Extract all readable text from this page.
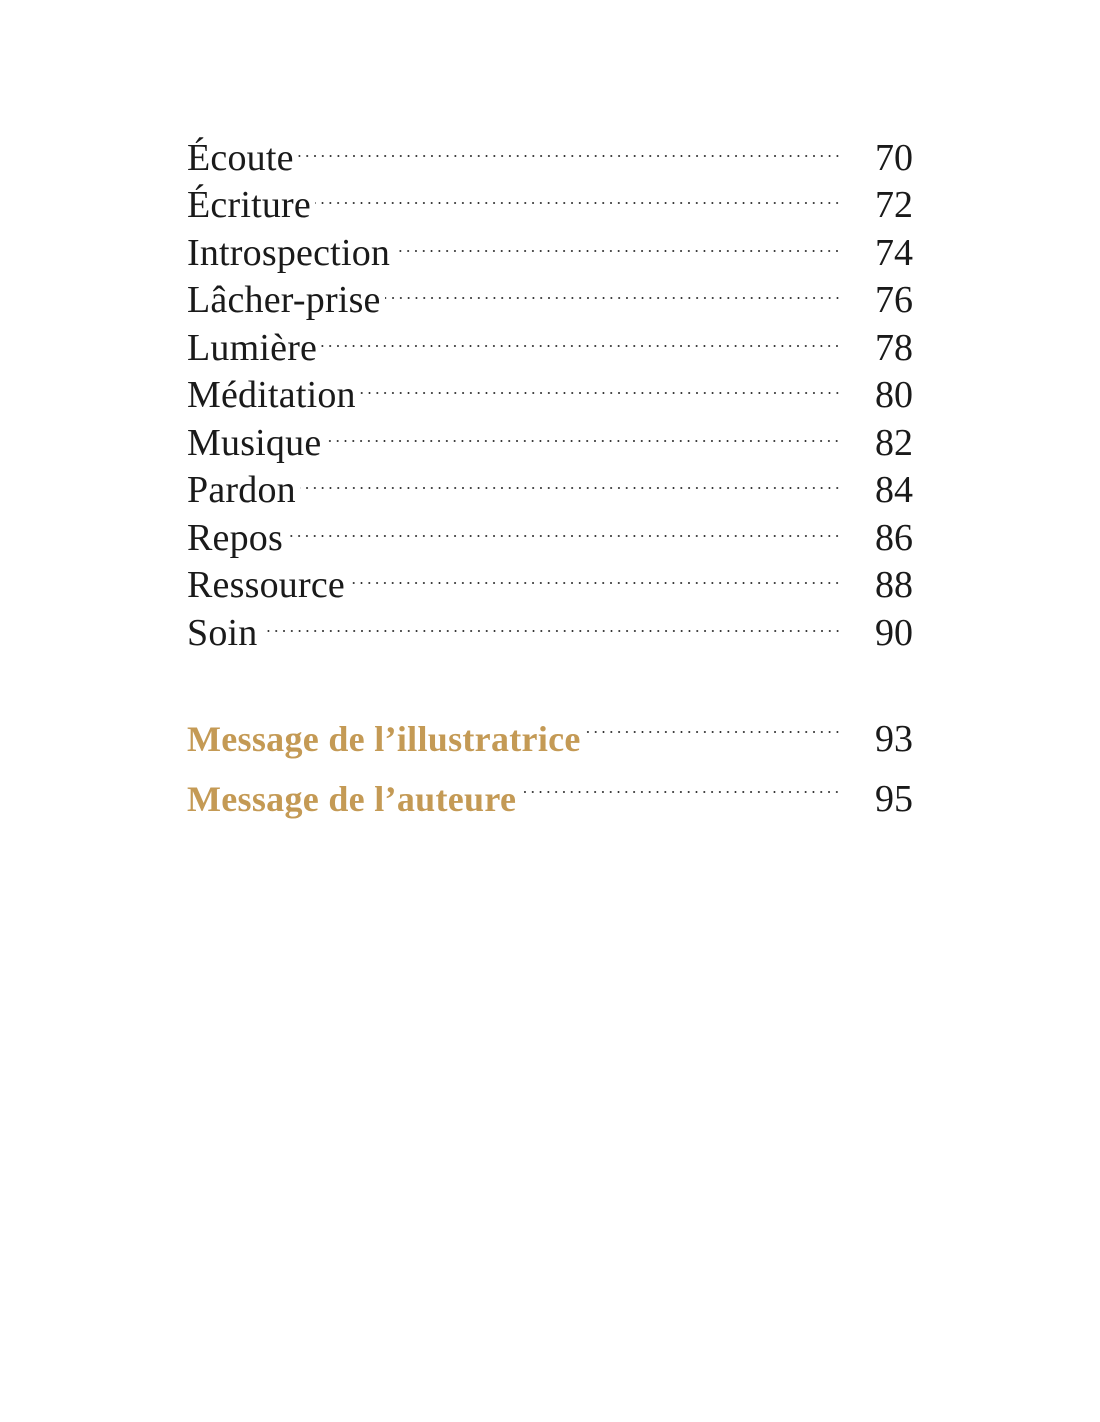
Écoute	70
Écriture	72
Introspection	74
Lâcher-prise	76
Lumière	78
Méditation	80
Musique	82
Pardon	84
Repos	86
Ressource	88
Soin	90
Message de l’illustratrice	93
Message de l’auteure	95
